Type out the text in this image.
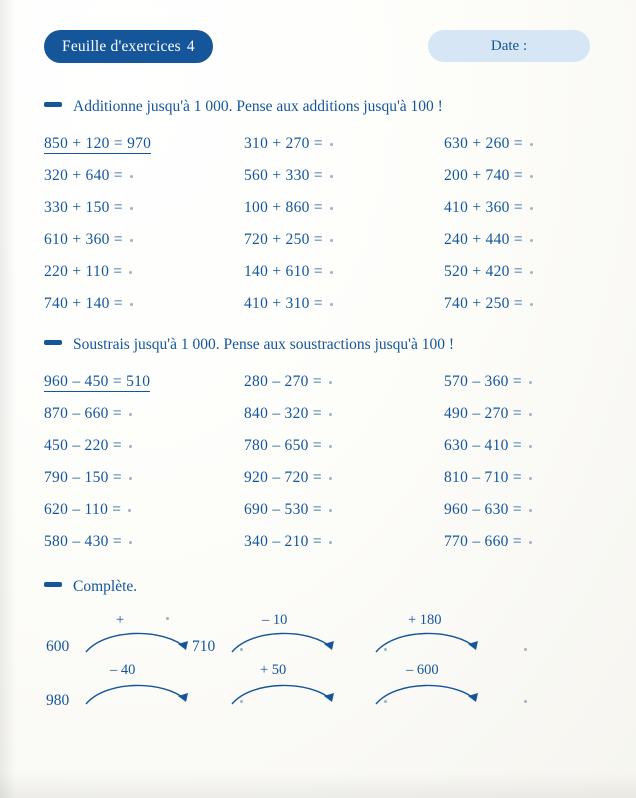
Feuille d'exercices 4	Date :
Additionne jusqu'à 1 000. Pense aux additions jusqu'à 100 !
850 + 120 = 970	310 + 270 =	630 + 260 =
320 + 640 =	560 + 330 =	200 + 740 =
330 + 150 =	100 + 860 =	410 + 360 =
610 + 360 =	720 + 250 =	240 + 440 =
220 + 110 =	140 + 610 =	520 + 420 =
740 + 140 =	410 + 310 =	740 + 250 =
Soustrais jusqu'à 1 000. Pense aux soustractions jusqu'à 100 !
960 – 450 = 510	280 – 270 =	570 – 360 =
870 – 660 =	840 – 320 =	490 – 270 =
450 – 220 =	780 – 650 =	630 – 410 =
790 – 150 =	920 – 720 =	810 – 710 =
620 – 110 =	690 – 530 =	960 – 630 =
580 – 430 =	340 – 210 =	770 – 660 =
Complète.
600
980
710
+	– 10	+ 180
– 40	+ 50	– 600
